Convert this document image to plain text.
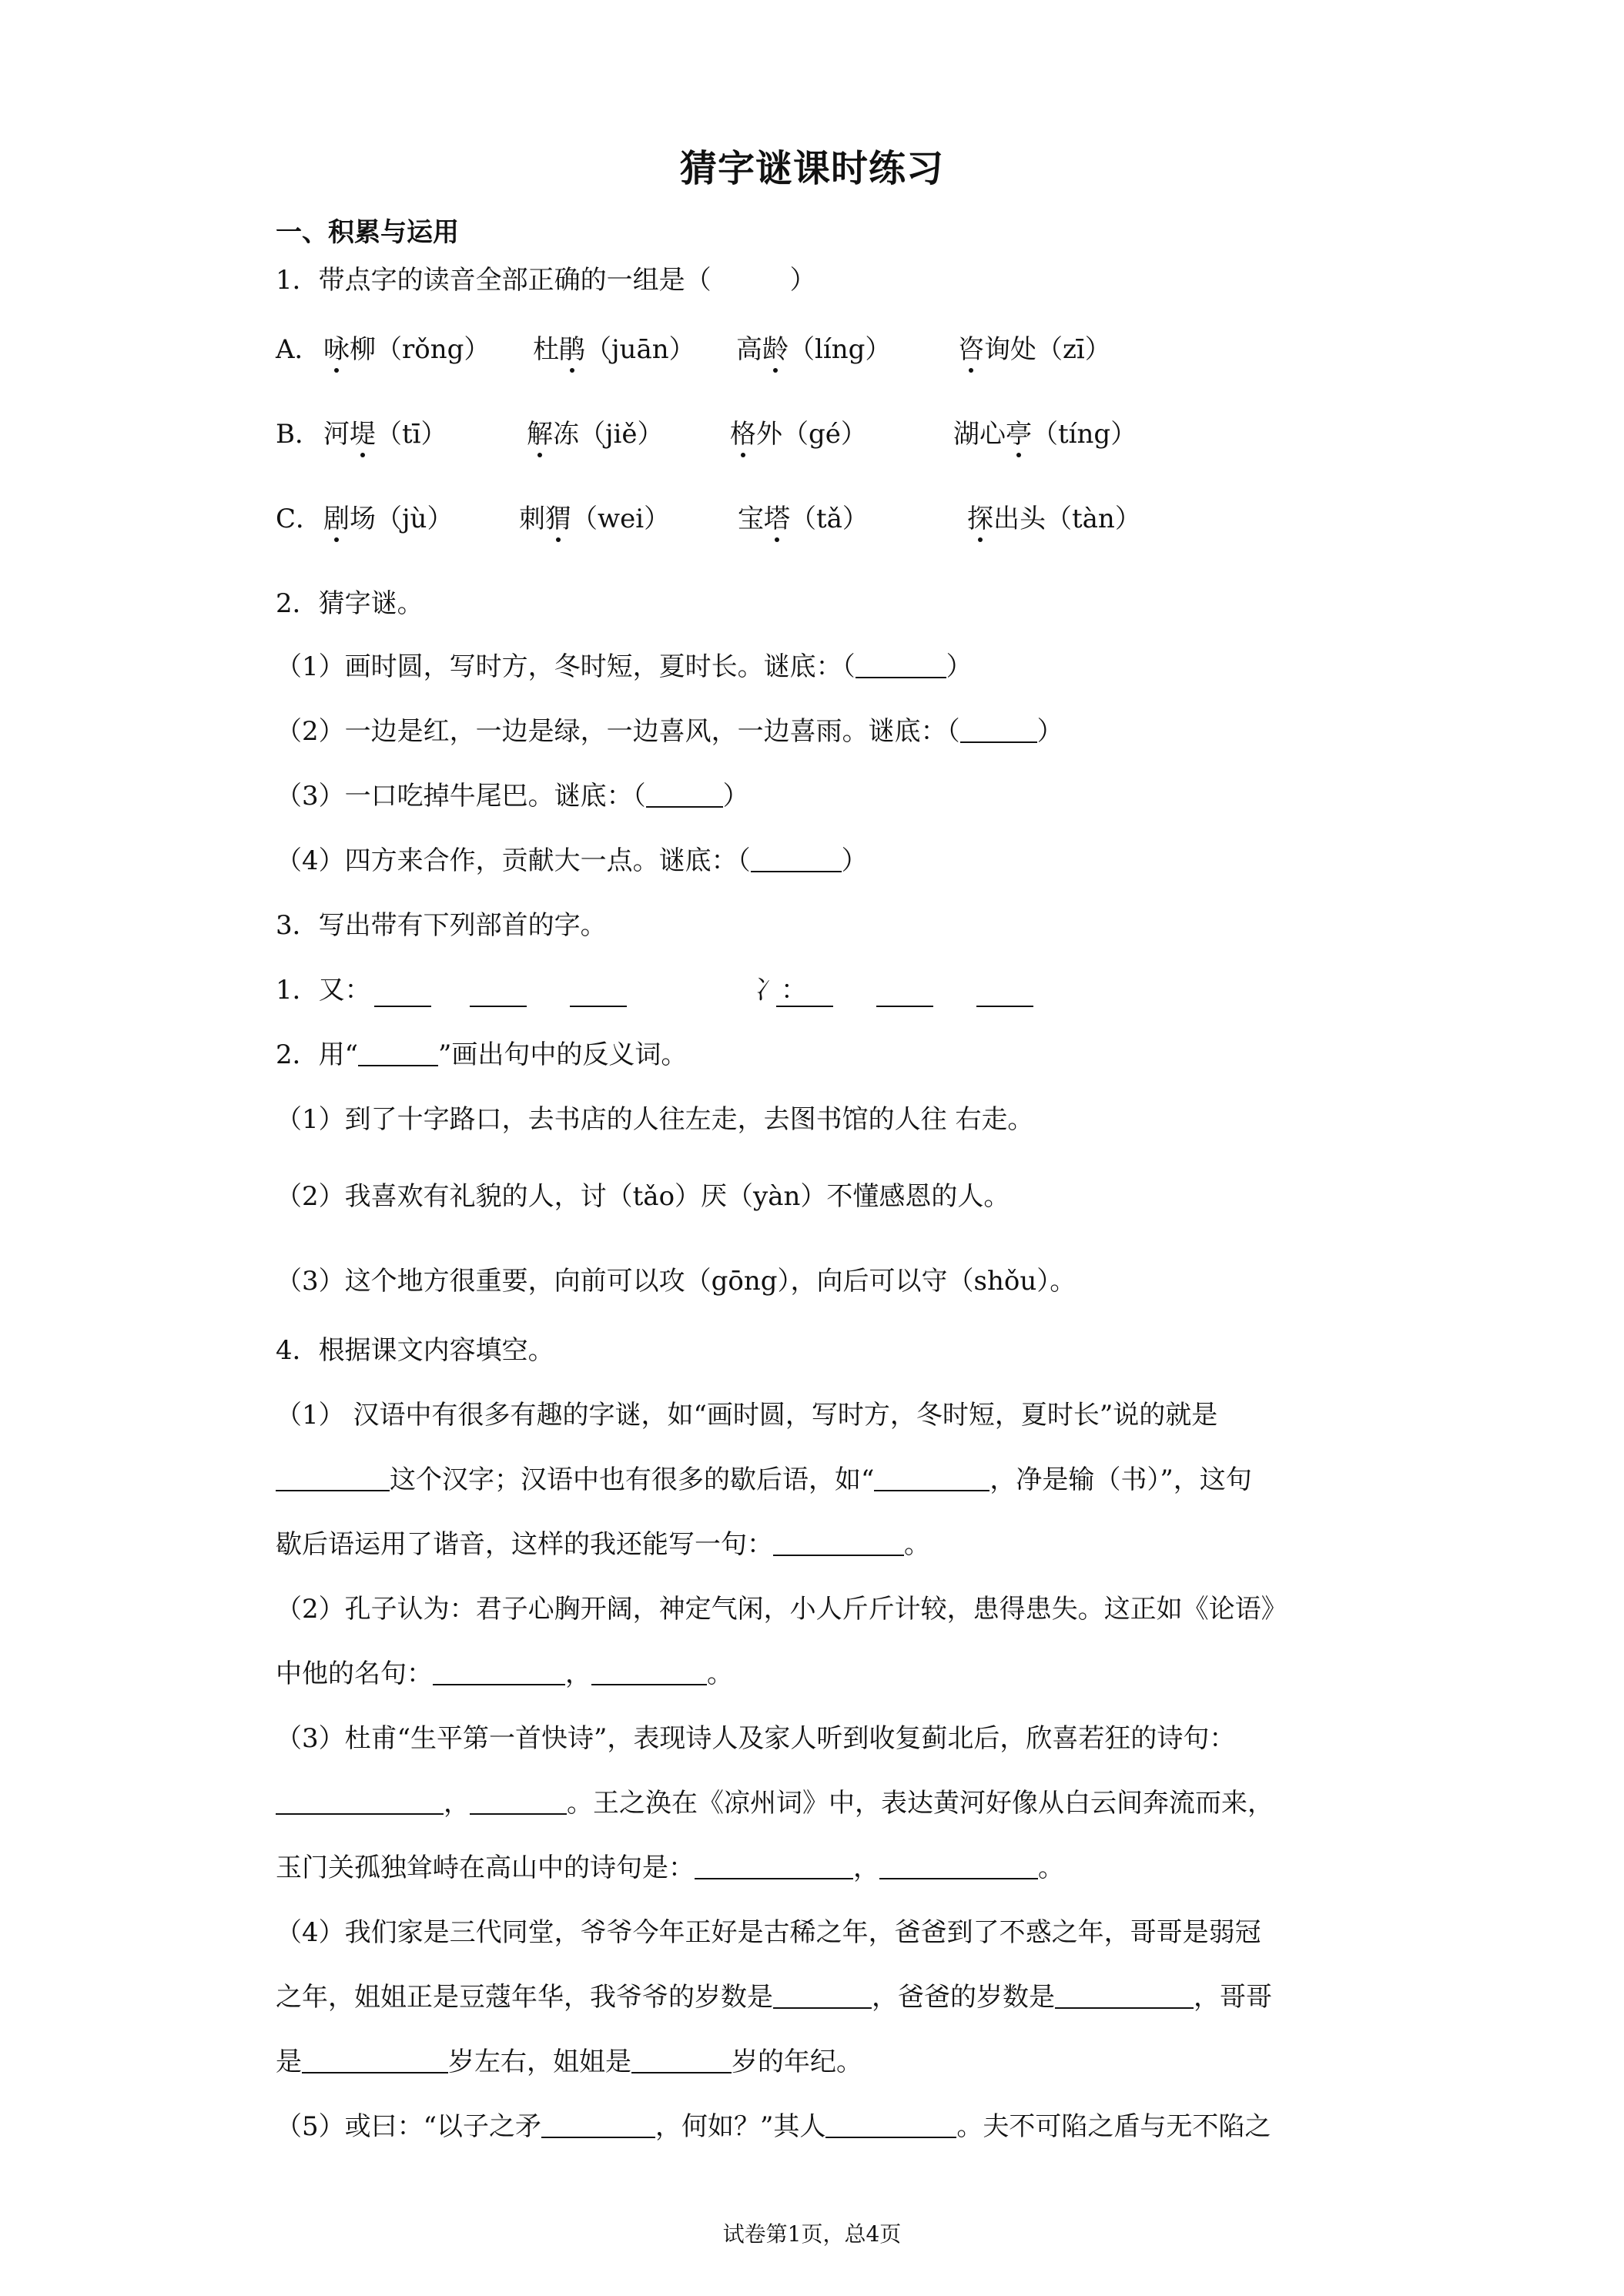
猜字谜课时练习
一、积累与运用
1．带点字的读音全部正确的一组是（　　　）
A． 咏柳（rǒng） 杜鹃（juān） 高龄（líng）	咨询处（zī）
B． 河堤（tī）	解冻（jiě）	格外（gé）	湖心亭（tíng）
C． 剧场（jù）	刺猬（wei）	宝塔（tǎ）	探出头（tàn）
2．猜字谜。
（1）画时圆，写时方，冬时短，夏时长。谜底：（	）
（2）一边是红，一边是绿，一边喜风，一边喜雨。谜底：（	）
（3）一口吃掉牛尾巴。谜底：（	）
（4）四方来合作，贡献大一点。谜底：（	）
3．写出带有下列部首的字。
1．又：	冫：
2．用“	”画出句中的反义词。
（1）到了十字路口，去书店的人往左走，去图书馆的人往 右走。
（2）我喜欢有礼貌的人，讨（tǎo）厌（yàn）不懂感恩的人。
（3）这个地方很重要，向前可以攻（gōng），向后可以守（shǒu）。
4．根据课文内容填空。
（1） 汉语中有很多有趣的字谜，如“画时圆，写时方，冬时短，夏时长”说的就是
这个汉字；汉语中也有很多的歇后语，如“	，净是输（书）”，这句
歇后语运用了谐音，这样的我还能写一句：	。
（2）孔子认为：君子心胸开阔，神定气闲，小人斤斤计较，患得患失。这正如《论语》
中他的名句：	，	。
（3）杜甫“生平第一首快诗”，表现诗人及家人听到收复蓟北后，欣喜若狂的诗句：
，	。王之涣在《凉州词》中，表达黄河好像从白云间奔流而来，
玉门关孤独耸峙在高山中的诗句是：	，	。
（4）我们家是三代同堂，爷爷今年正好是古稀之年，爸爸到了不惑之年，哥哥是弱冠
之年，姐姐正是豆蔻年华，我爷爷的岁数是	，爸爸的岁数是	，哥哥
是	岁左右，姐姐是	岁的年纪。
（5）或曰：“以子之矛	，何如？”其人	。夫不可陷之盾与无不陷之
试卷第1页，总4页
